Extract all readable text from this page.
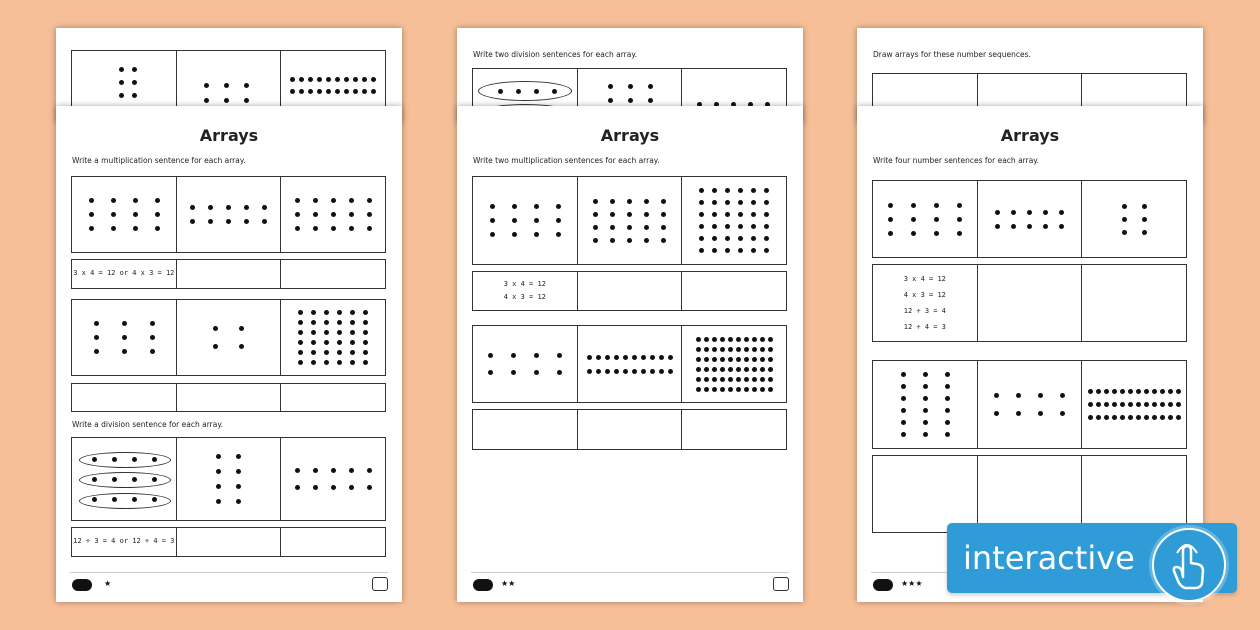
Write two division sentences for each array.	Draw arrays for these number sequences.
Arrays
Write a multiplication sentence for each array.
3 x 4 = 12 or 4 x 3 = 12
Write a division sentence for each array.
12 ÷ 3 = 4 or 12 ÷ 4 = 3
★
Arrays
Write two multiplication sentences for each array.
3 x 4 = 12
4 x 3 = 12
★★
Arrays
Write four number sentences for each array.
3 x 4 = 12
4 x 3 = 12
12 ÷ 3 = 4
12 ÷ 4 = 3
★★★
interactive
